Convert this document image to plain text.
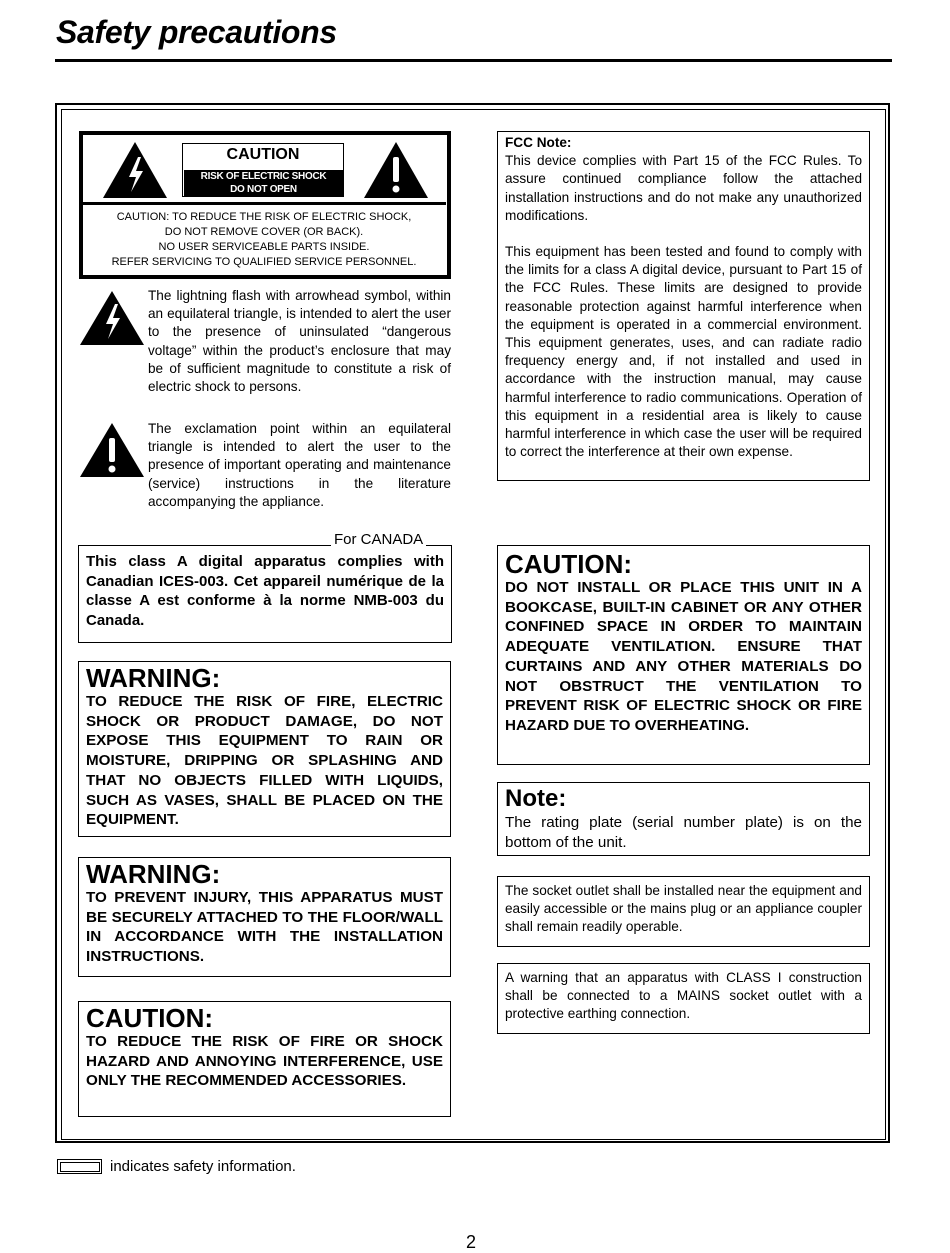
Safety precautions
CAUTION
RISK OF ELECTRIC SHOCK
DO NOT OPEN
CAUTION: TO REDUCE THE RISK OF ELECTRIC SHOCK,
DO NOT REMOVE COVER (OR BACK).
NO USER SERVICEABLE PARTS INSIDE.
REFER SERVICING TO QUALIFIED SERVICE PERSONNEL.
The lightning flash with arrowhead symbol, within an equilateral triangle, is intended to alert the user to the presence of uninsulated “dangerous voltage” within the product’s enclosure that may be of sufficient magnitude to constitute a risk of electric shock to persons.
The exclamation point within an equilateral triangle is intended to alert the user to the presence of important operating and maintenance (service) instructions in the literature accompanying the appliance.
This class A digital apparatus complies with Canadian ICES-003. Cet appareil numérique de la classe A est conforme à la norme NMB-003 du Canada.
For CANADA
WARNING:
TO REDUCE THE RISK OF FIRE, ELECTRIC SHOCK OR PRODUCT DAMAGE, DO NOT EXPOSE THIS EQUIPMENT TO RAIN OR MOISTURE, DRIPPING OR SPLASHING AND THAT NO OBJECTS FILLED WITH LIQUIDS, SUCH AS VASES, SHALL BE PLACED ON THE EQUIPMENT.
WARNING:
TO PREVENT INJURY, THIS APPARATUS MUST BE SECURELY ATTACHED TO THE FLOOR/WALL IN ACCORDANCE WITH THE INSTALLATION INSTRUCTIONS.
CAUTION:
TO REDUCE THE RISK OF FIRE OR SHOCK HAZARD AND ANNOYING INTERFERENCE, USE ONLY THE RECOMMENDED ACCESSORIES.
FCC Note:
This device complies with Part 15 of the FCC Rules. To assure continued compliance follow the attached installation instructions and do not make any unauthorized modifications.
This equipment has been tested and found to comply with the limits for a class A digital device, pursuant to Part 15 of the FCC Rules. These limits are designed to provide reasonable protection against harmful interference when the equipment is operated in a commercial environment. This equipment generates, uses, and can radiate radio frequency energy and, if not installed and used in accordance with the instruction manual, may cause harmful interference to radio communications. Operation of this equipment in a residential area is likely to cause harmful interference in which case the user will be required to correct the interference at their own expense.
CAUTION:
DO NOT INSTALL OR PLACE THIS UNIT IN A BOOKCASE, BUILT-IN CABINET OR ANY OTHER CONFINED SPACE IN ORDER TO MAINTAIN ADEQUATE VENTILATION. ENSURE THAT CURTAINS AND ANY OTHER MATERIALS DO NOT OBSTRUCT THE VENTILATION TO PREVENT RISK OF ELECTRIC SHOCK OR FIRE HAZARD DUE TO OVERHEATING.
Note:
The rating plate (serial number plate) is on the bottom of the unit.
The socket outlet shall be installed near the equipment and easily accessible or the mains plug or an appliance coupler shall remain readily operable.
A warning that an apparatus with CLASS I construction shall be connected to a MAINS socket outlet with a protective earthing connection.
indicates safety information.
2
